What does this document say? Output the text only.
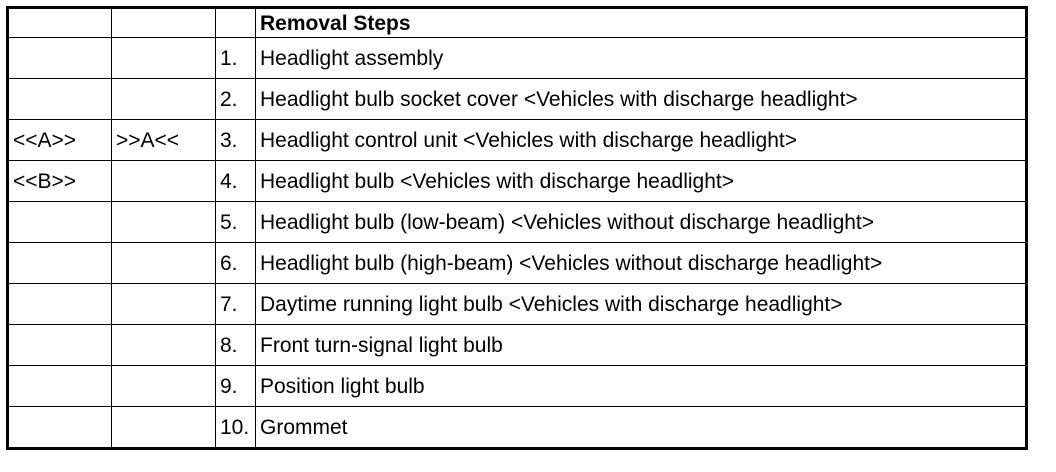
			Removal Steps
		1.	Headlight assembly
		2.	Headlight bulb socket cover <Vehicles with discharge headlight>
<<A>>	>>A<<	3.	Headlight control unit <Vehicles with discharge headlight>
<<B>>		4.	Headlight bulb <Vehicles with discharge headlight>
		5.	Headlight bulb (low-beam) <Vehicles without discharge headlight>
		6.	Headlight bulb (high-beam) <Vehicles without discharge headlight>
		7.	Daytime running light bulb <Vehicles with discharge headlight>
		8.	Front turn-signal light bulb
		9.	Position light bulb
		10.	Grommet
